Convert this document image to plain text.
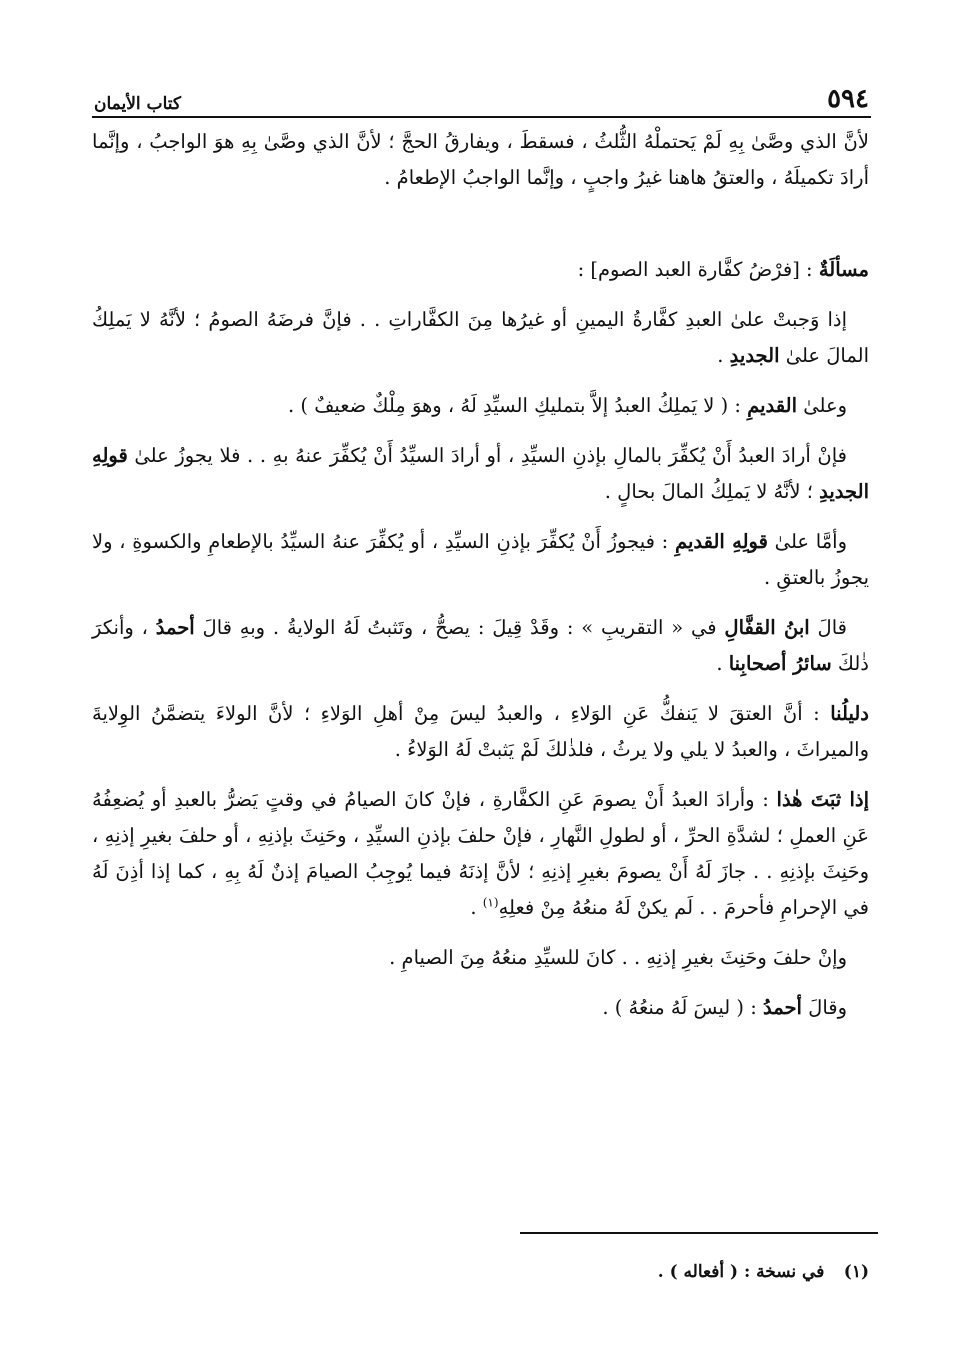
٥٩٤
كتاب الأيمان

لأنَّ الذي وصَّىٰ بِهِ لَمْ يَحتملْهُ الثُّلثُ ، فسقطَ ، ويفارقُ الحجَّ ؛ لأنَّ الذي وصَّىٰ بِهِ هوَ الواجبُ ، وإنَّما أرادَ تكميلَهُ ، والعتقُ هاهنا غيرُ واجبٍ ، وإنَّما الواجبُ الإطعامُ .

مسألَةٌ : [فرْضُ كفَّارة العبد الصوم] :

إذا وَجبتْ علىٰ العبدِ كفَّارةُ اليمينِ أو غيرُها مِنَ الكفَّاراتِ . . فإنَّ فرضَهُ الصومُ ؛ لأنَّهُ لا يَملِكُ المالَ علىٰ الجديدِ .

وعلىٰ القديمِ : ( لا يَملِكُ العبدُ إلاَّ بتمليكِ السيِّدِ لَهُ ، وهوَ مِلْكٌ ضعيفٌ ) .

فإنْ أرادَ العبدُ أَنْ يُكفِّرَ بالمالِ بإذنِ السيِّدِ ، أو أرادَ السيِّدُ أَنْ يُكفِّرَ عنهُ بهِ . . فلا يجوزُ علىٰ قولِهِ الجديدِ ؛ لأنَّهُ لا يَملِكُ المالَ بحالٍ .

وأمَّا علىٰ قولِهِ القديمِ : فيجوزُ أَنْ يُكفِّرَ بإذنِ السيِّدِ ، أو يُكفِّرَ عنهُ السيِّدُ بالإطعامِ والكسوةِ ، ولا يجوزُ بالعتقِ .

قالَ ابنُ القفَّالِ في « التقريبِ » : وقَدْ قِيلَ : يصحُّ ، وتَثبتُ لَهُ الولايةُ . وبهِ قالَ أحمدُ ، وأنكرَ ذٰلكَ سائرُ أصحابِنا .

دليلُنا : أنَّ العتقَ لا يَنفكُّ عَنِ الوَلاءِ ، والعبدُ ليسَ مِنْ أهلِ الوَلاءِ ؛ لأنَّ الولاءَ يتضمَّنُ الوِلايةَ والميراثَ ، والعبدُ لا يلي ولا يرثُ ، فلذٰلكَ لَمْ يَثبتْ لَهُ الوَلاءُ .

إذا ثبَتَ هٰذا : وأرادَ العبدُ أَنْ يصومَ عَنِ الكفَّارةِ ، فإنْ كانَ الصيامُ في وقتٍ يَضرُّ بالعبدِ أو يُضعِفُهُ عَنِ العملِ ؛ لشدَّةِ الحرِّ ، أو لطولِ النَّهارِ ، فإنْ حلفَ بإذنِ السيِّدِ ، وحَنِثَ بإذنِهِ ، أو حلفَ بغيرِ إذنِهِ ، وحَنِثَ بإذنِهِ . . جازَ لَهُ أَنْ يصومَ بغيرِ إذنِهِ ؛ لأنَّ إذنَهُ فيما يُوجِبُ الصيامَ إذنٌ لَهُ بِهِ ، كما إذا أذِنَ لَهُ في الإحرامِ فأحرمَ . . لَم يكنْ لَهُ منعُهُ مِنْ فعلِهِ$^{(١)}$ .

وإنْ حلفَ وحَنِثَ بغيرِ إذنِهِ . . كانَ للسيِّدِ منعُهُ مِنَ الصيامِ .

وقالَ أحمدُ : ( ليسَ لَهُ منعُهُ ) .

(١) في نسخة : ( أفعاله ) .
